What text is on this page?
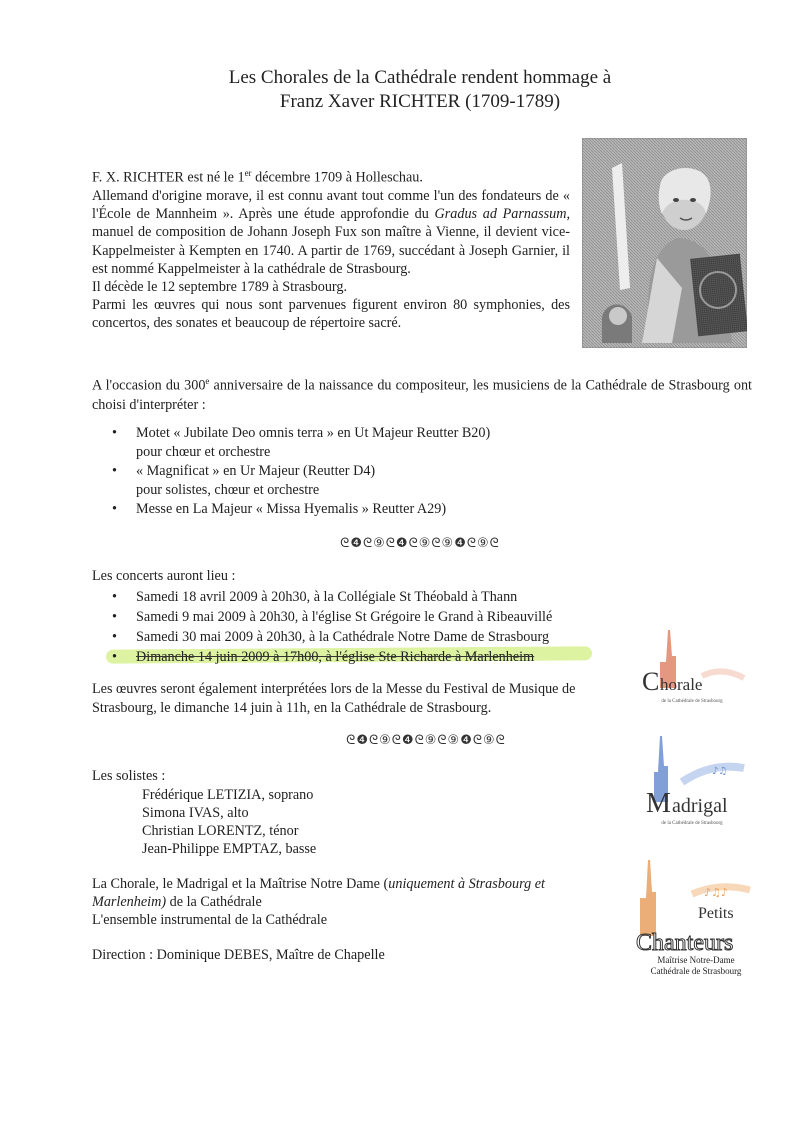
Les Chorales de la Cathédrale rendent hommage à
Franz Xaver RICHTER (1709-1789)

F. X. RICHTER est né le 1er décembre 1709 à Holleschau.

Allemand d'origine morave, il est connu avant tout comme l'un des fondateurs de « l'École de Mannheim ». Après une étude approfondie du Gradus ad Parnassum, manuel de composition de Johann Joseph Fux son maître à Vienne, il devient vice-Kappelmeister à Kempten en 1740. A partir de 1769, succédant à Joseph Garnier, il est nommé Kappelmeister à la cathédrale de Strasbourg.

Il décède le 12 septembre 1789 à Strasbourg.

Parmi les œuvres qui nous sont parvenues figurent environ 80 symphonies, des concertos, des sonates et beaucoup de répertoire sacré.

A l'occasion du 300e anniversaire de la naissance du compositeur, les musiciens de la Cathédrale de Strasbourg ont choisi d'interpréter :

• Motet « Jubilate Deo omnis terra » en Ut Majeur Reutter B20)
pour chœur et orchestre
• « Magnificat » en Ur Majeur (Reutter D4)
pour solistes, chœur et orchestre
• Messe en La Majeur « Missa Hyemalis » Reutter A29)
ᘓ❹ᘓ⑨ᘓ❹ᘓ⑨ᘓ⑨❹ᘓ⑨ᘓ

Les concerts auront lieu :

• Samedi 18 avril 2009 à 20h30, à la Collégiale St Théobald à Thann
• Samedi 9 mai 2009 à 20h30, à l'église St Grégoire le Grand à Ribeauvillé
• Samedi 30 mai 2009 à 20h30, à la Cathédrale Notre Dame de Strasbourg
• Dimanche 14 juin 2009 à 17h00, à l'église Ste Richarde à Marlenheim

Les œuvres seront également interprétées lors de la Messe du Festival de Musique de Strasbourg, le dimanche 14 juin à 11h, en la Cathédrale de Strasbourg.

ᘓ❹ᘓ⑨ᘓ❹ᘓ⑨ᘓ⑨❹ᘓ⑨ᘓ

Les solistes :

Frédérique LETIZIA, soprano
Simona IVAS, alto
Christian LORENTZ, ténor
Jean-Philippe EMPTAZ, basse

La Chorale, le Madrigal et la Maîtrise Notre Dame (uniquement à Strasbourg et Marlenheim) de la Cathédrale
L'ensemble instrumental de la Cathédrale

Direction : Dominique DEBES, Maître de Chapelle

C horale
de la Cathédrale de Strasbourg
♪♫
M adrigal
de la Cathédrale de Strasbourg
♪♫♪
Petits
Chanteurs
Maîtrise Notre-Dame
Cathédrale de Strasbourg
